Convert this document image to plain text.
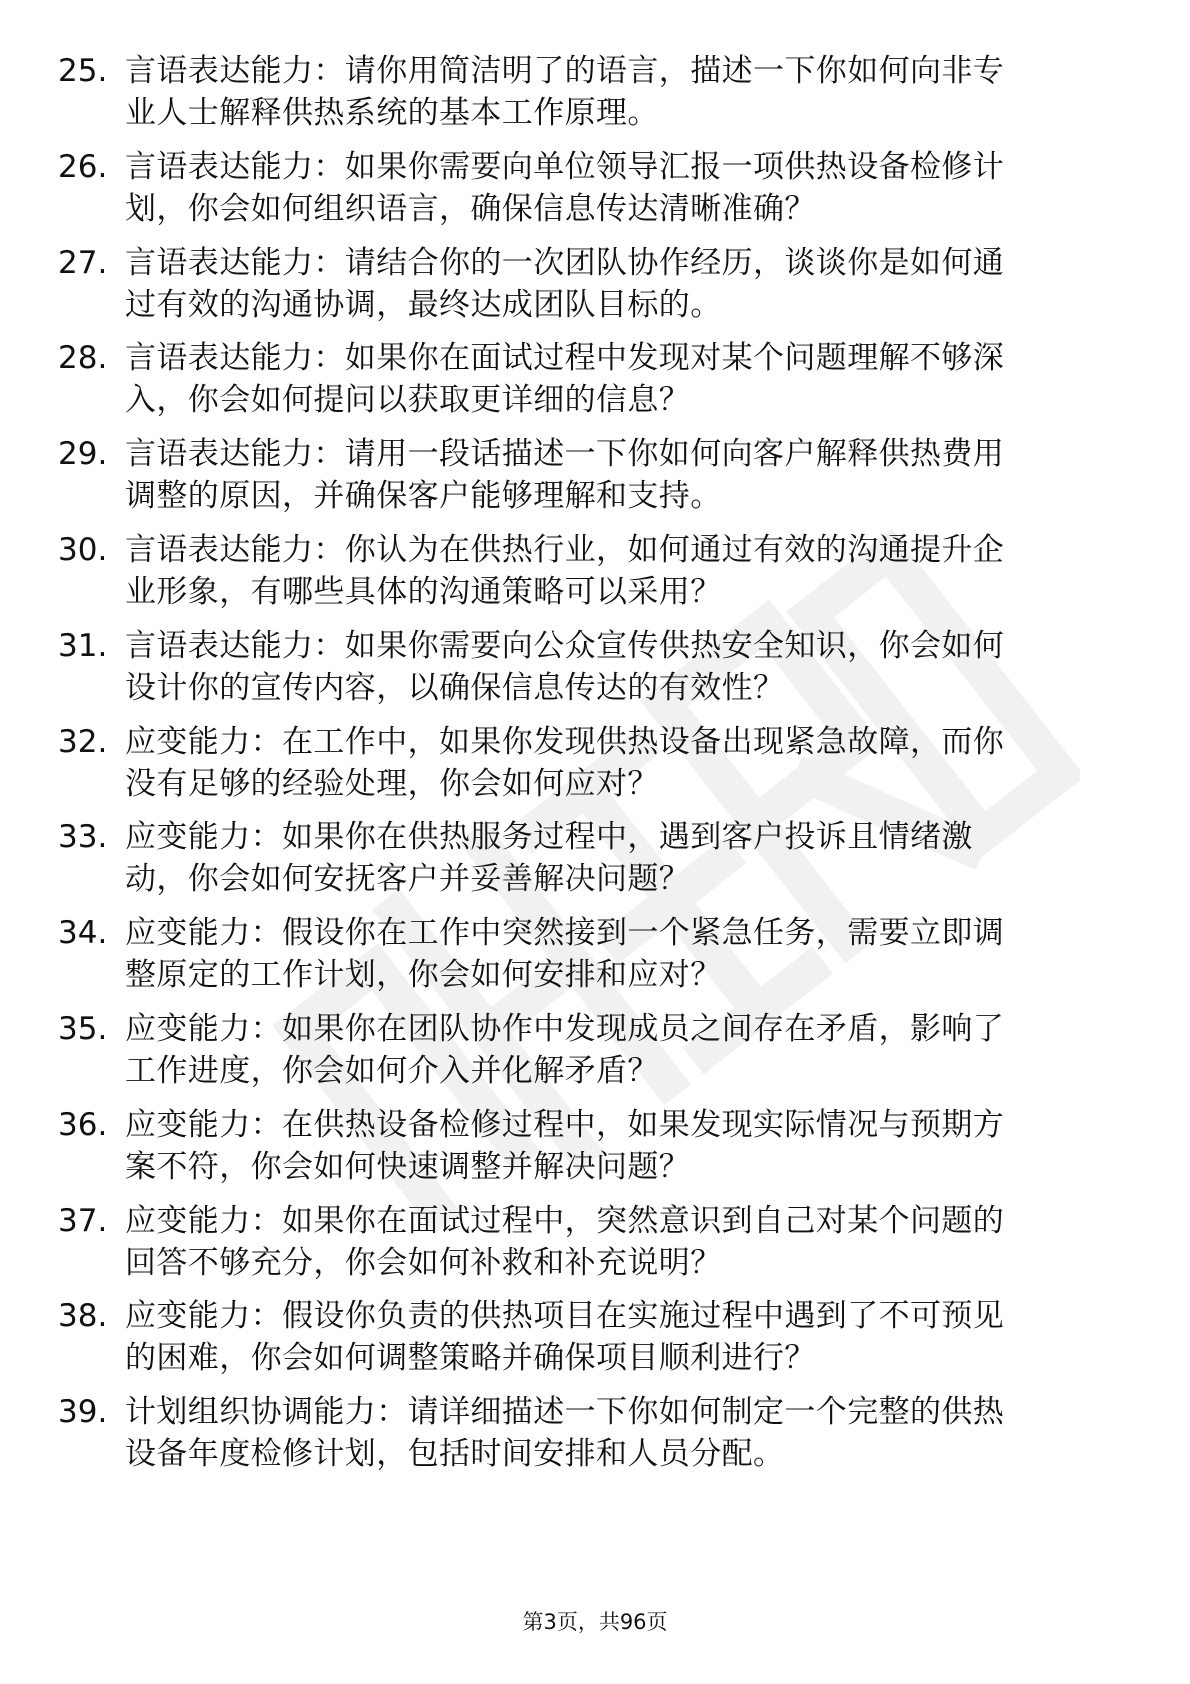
25. 言语表达能力：请你用简洁明了的语言，描述一下你如何向非专
业人士解释供热系统的基本工作原理。
26. 言语表达能力：如果你需要向单位领导汇报一项供热设备检修计
划，你会如何组织语言，确保信息传达清晰准确？
27. 言语表达能力：请结合你的一次团队协作经历，谈谈你是如何通
过有效的沟通协调，最终达成团队目标的。
28. 言语表达能力：如果你在面试过程中发现对某个问题理解不够深
入，你会如何提问以获取更详细的信息？
29. 言语表达能力：请用一段话描述一下你如何向客户解释供热费用
调整的原因，并确保客户能够理解和支持。
30. 言语表达能力：你认为在供热行业，如何通过有效的沟通提升企
业形象，有哪些具体的沟通策略可以采用？
31. 言语表达能力：如果你需要向公众宣传供热安全知识，你会如何
设计你的宣传内容，以确保信息传达的有效性？
32. 应变能力：在工作中，如果你发现供热设备出现紧急故障，而你
没有足够的经验处理，你会如何应对？
33. 应变能力：如果你在供热服务过程中，遇到客户投诉且情绪激
动，你会如何安抚客户并妥善解决问题？
34. 应变能力：假设你在工作中突然接到一个紧急任务，需要立即调
整原定的工作计划，你会如何安排和应对？
35. 应变能力：如果你在团队协作中发现成员之间存在矛盾，影响了
工作进度，你会如何介入并化解矛盾？
36. 应变能力：在供热设备检修过程中，如果发现实际情况与预期方
案不符，你会如何快速调整并解决问题？
37. 应变能力：如果你在面试过程中，突然意识到自己对某个问题的
回答不够充分，你会如何补救和补充说明？
38. 应变能力：假设你负责的供热项目在实施过程中遇到了不可预见
的困难，你会如何调整策略并确保项目顺利进行？
39. 计划组织协调能力：请详细描述一下你如何制定一个完整的供热
设备年度检修计划，包括时间安排和人员分配。
第3页，共96页
